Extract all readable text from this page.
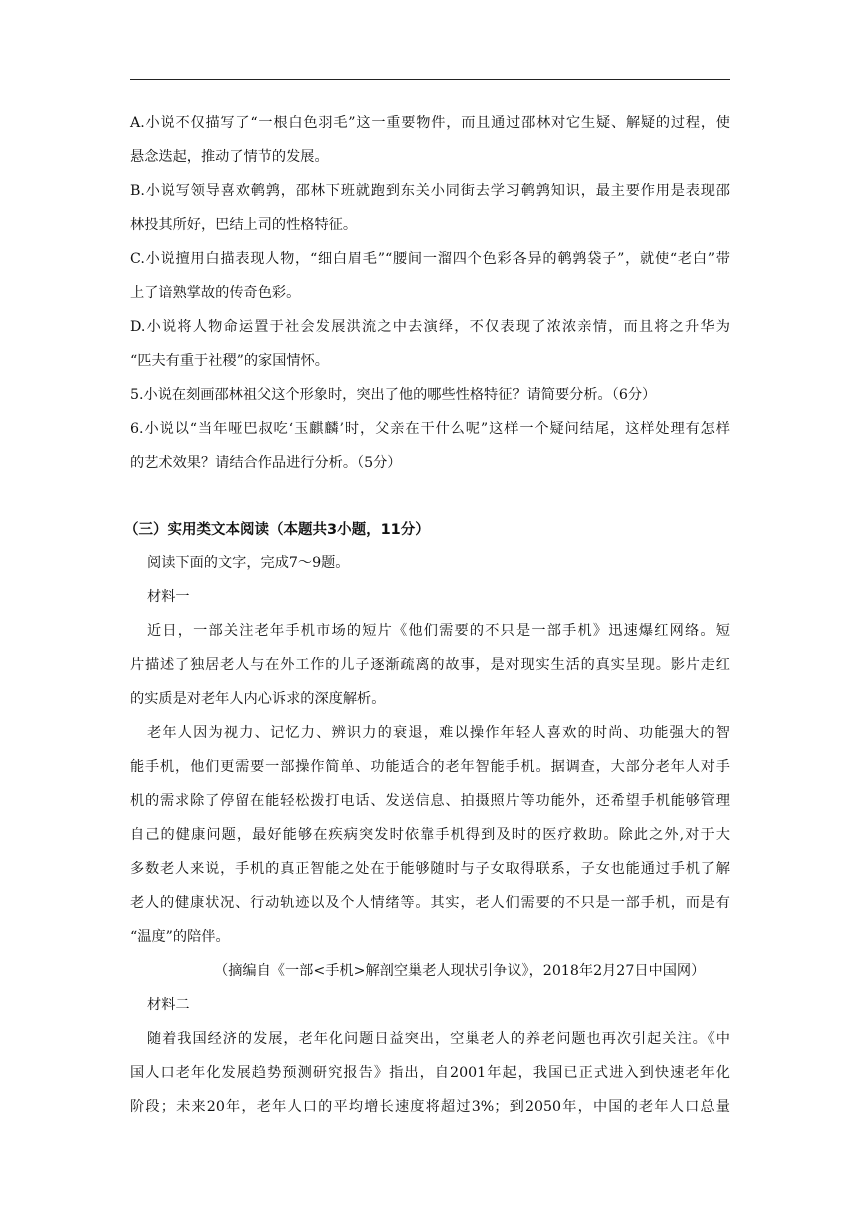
A.小说不仅描写了“一根白色羽毛”这一重要物件，而且通过邵林对它生疑、解疑的过程，使
悬念迭起，推动了情节的发展。
B.小说写领导喜欢鹌鹑，邵林下班就跑到东关小同街去学习鹌鹑知识，最主要作用是表现邵
林投其所好，巴结上司的性格特征。
C.小说擅用白描表现人物，“细白眉毛”“腰间一溜四个色彩各异的鹌鹑袋子”，就使“老白”带
上了谙熟掌故的传奇色彩。
D.小说将人物命运置于社会发展洪流之中去演绎，不仅表现了浓浓亲情，而且将之升华为
“匹夫有重于社稷”的家国情怀。
5.小说在刻画邵林祖父这个形象时，突出了他的哪些性格特征？请简要分析。（6分）
6.小说以“当年哑巴叔吃‘玉麒麟’时，父亲在干什么呢”这样一个疑问结尾，这样处理有怎样
的艺术效果？请结合作品进行分析。（5分）
（三）实用类文本阅读（本题共3小题，11分）
阅读下面的文字，完成7～9题。
材料一
近日，一部关注老年手机市场的短片《他们需要的不只是一部手机》迅速爆红网络。短
片描述了独居老人与在外工作的儿子逐渐疏离的故事，是对现实生活的真实呈现。影片走红
的实质是对老年人内心诉求的深度解析。
老年人因为视力、记忆力、辨识力的衰退，难以操作年轻人喜欢的时尚、功能强大的智
能手机，他们更需要一部操作简单、功能适合的老年智能手机。据调查，大部分老年人对手
机的需求除了停留在能轻松拨打电话、发送信息、拍摄照片等功能外，还希望手机能够管理
自己的健康问题，最好能够在疾病突发时依靠手机得到及时的医疗救助。除此之外,对于大
多数老人来说，手机的真正智能之处在于能够随时与子女取得联系，子女也能通过手机了解
老人的健康状况、行动轨迹以及个人情绪等。其实，老人们需要的不只是一部手机，而是有
“温度”的陪伴。
（摘编自《一部<手机>解剖空巢老人现状引争议》，2018年2月27日中国网）
材料二
随着我国经济的发展，老年化问题日益突出，空巢老人的养老问题也再次引起关注。《中
国人口老年化发展趋势预测研究报告》指出，自2001年起，我国已正式进入到快速老年化
阶段；未来20年，老年人口的平均增长速度将超过3%；到2050年，中国的老年人口总量
